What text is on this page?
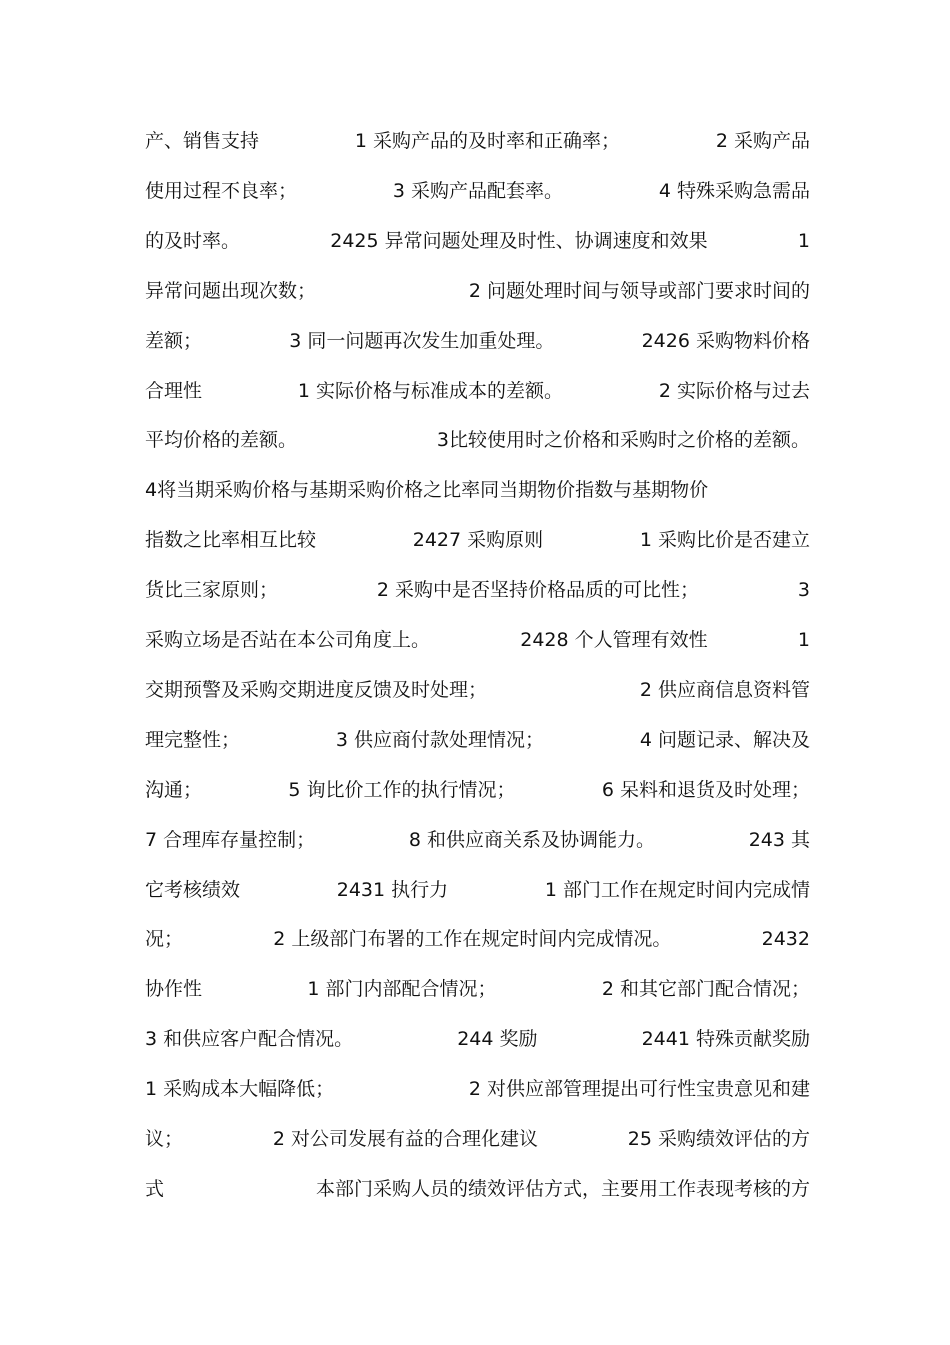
产、销售支持	1 采购产品的及时率和正确率；	2 采购产品
使用过程不良率；	3 采购产品配套率。	4 特殊采购急需品
的及时率。	2425 异常问题处理及时性、协调速度和效果	1
异常问题出现次数；	2 问题处理时间与领导或部门要求时间的
差额；	3 同一问题再次发生加重处理。	2426 采购物料价格
合理性	1 实际价格与标准成本的差额。	2 实际价格与过去
平均价格的差额。	3比较使用时之价格和采购时之价格的差额。
4将当期采购价格与基期采购价格之比率同当期物价指数与基期物价
指数之比率相互比较	2427 采购原则	1 采购比价是否建立
货比三家原则；	2 采购中是否坚持价格品质的可比性；	3
采购立场是否站在本公司角度上。	2428 个人管理有效性	1
交期预警及采购交期进度反馈及时处理；	2 供应商信息资料管
理完整性；	3 供应商付款处理情况；	4 问题记录、解决及
沟通；	5 询比价工作的执行情况；	6 呆料和退货及时处理；
7 合理库存量控制；	8 和供应商关系及协调能力。	243 其
它考核绩效	2431 执行力	1 部门工作在规定时间内完成情
况；	2 上级部门布署的工作在规定时间内完成情况。	2432
协作性	1 部门内部配合情况；	2 和其它部门配合情况；
3 和供应客户配合情况。	244 奖励	2441 特殊贡献奖励
1 采购成本大幅降低；	2 对供应部管理提出可行性宝贵意见和建
议；	2 对公司发展有益的合理化建议	25 采购绩效评估的方
式	本部门采购人员的绩效评估方式，主要用工作表现考核的方
